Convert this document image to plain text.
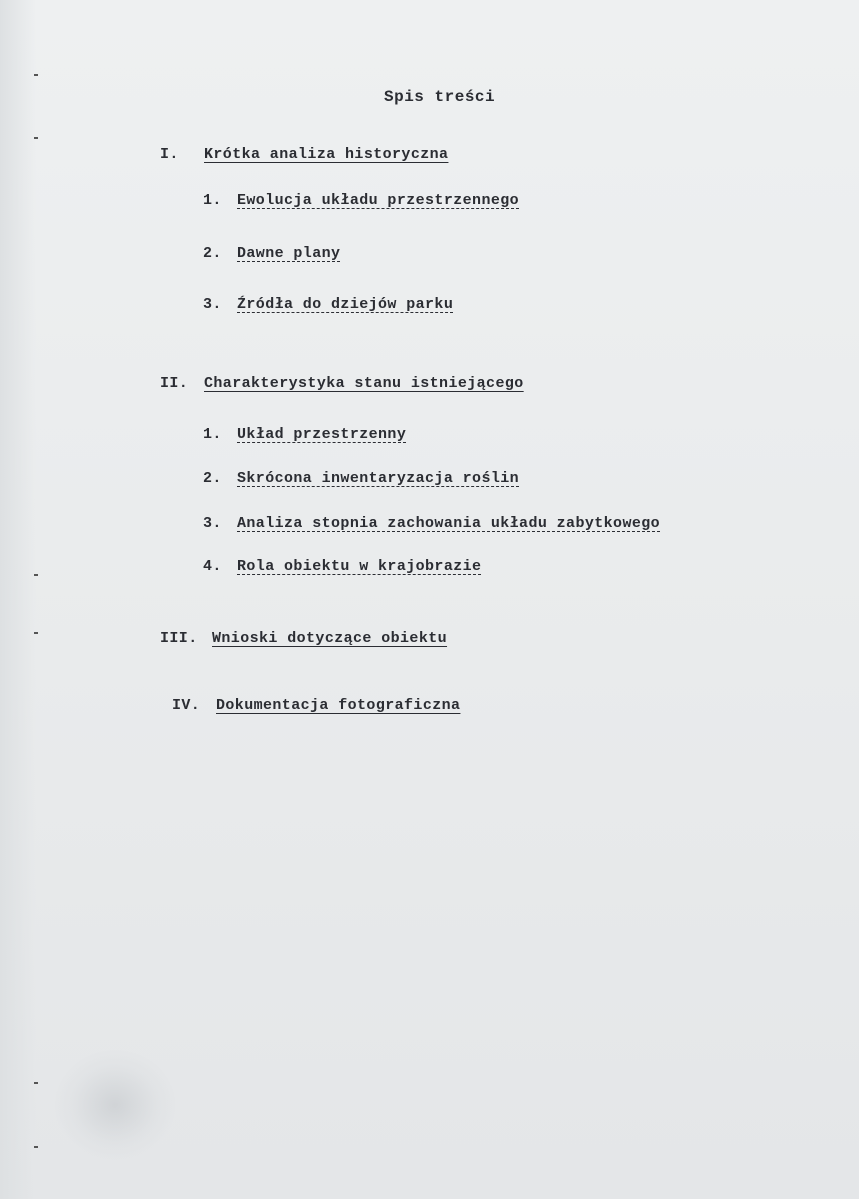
Spis treści
I. Krótka analiza historyczna
1. Ewolucja układu przestrzennego
2. Dawne plany
3. Źródła do dziejów parku
II. Charakterystyka stanu istniejącego
1. Układ przestrzenny
2. Skrócona inwentaryzacja roślin
3. Analiza stopnia zachowania układu zabytkowego
4. Rola obiektu w krajobrazie
III. Wnioski dotyczące obiektu
IV. Dokumentacja fotograficzna
